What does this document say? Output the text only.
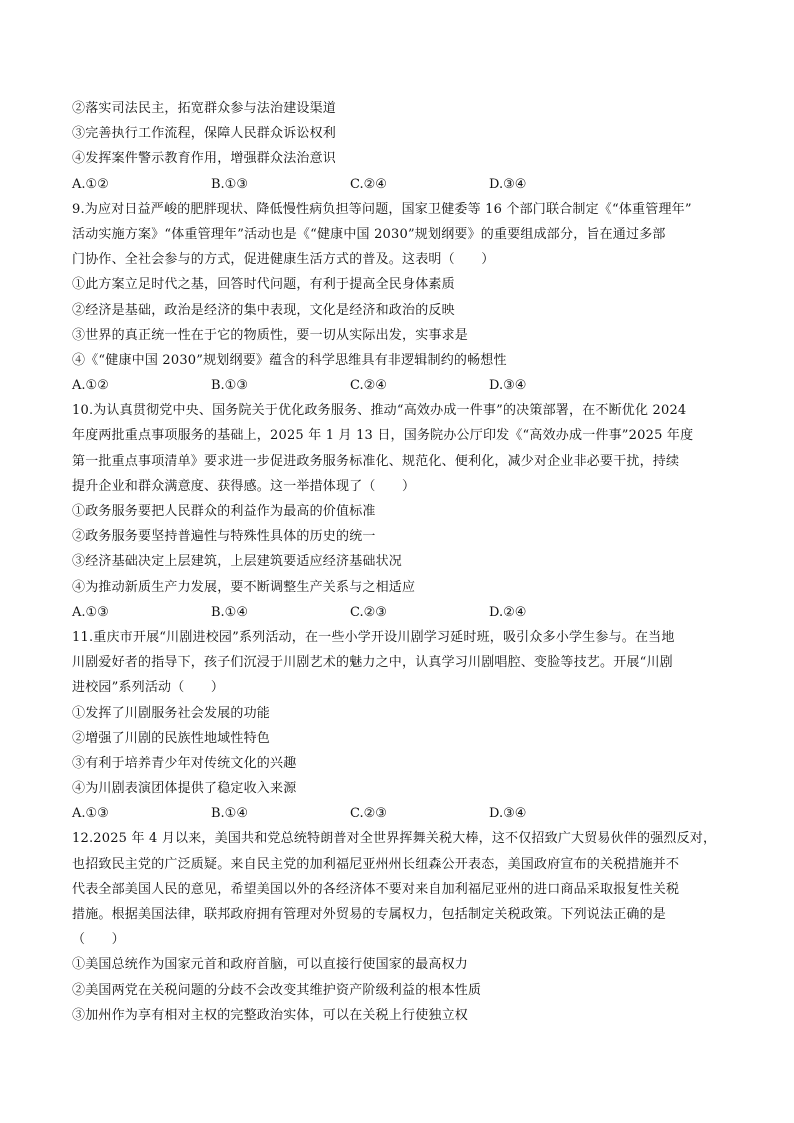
②落实司法民主，拓宽群众参与法治建设渠道
③完善执行工作流程，保障人民群众诉讼权利
④发挥案件警示教育作用，增强群众法治意识
A.①②	B.①③	C.②④	D.③④
9.为应对日益严峻的肥胖现状、降低慢性病负担等问题，国家卫健委等 16 个部门联合制定《“体重管理年”
活动实施方案》“体重管理年”活动也是《“健康中国 2030”规划纲要》的重要组成部分，旨在通过多部
门协作、全社会参与的方式，促进健康生活方式的普及。这表明（　　）
①此方案立足时代之基，回答时代问题，有利于提高全民身体素质
②经济是基础，政治是经济的集中表现，文化是经济和政治的反映
③世界的真正统一性在于它的物质性，要一切从实际出发，实事求是
④《“健康中国 2030”规划纲要》蕴含的科学思维具有非逻辑制约的畅想性
A.①②	B.①③	C.②④	D.③④
10.为认真贯彻党中央、国务院关于优化政务服务、推动“高效办成一件事”的决策部署，在不断优化 2024
年度两批重点事项服务的基础上，2025 年 1 月 13 日，国务院办公厅印发《“高效办成一件事”2025 年度
第一批重点事项清单》要求进一步促进政务服务标准化、规范化、便利化，减少对企业非必要干扰，持续
提升企业和群众满意度、获得感。这一举措体现了（　　）
①政务服务要把人民群众的利益作为最高的价值标准
②政务服务要坚持普遍性与特殊性具体的历史的统一
③经济基础决定上层建筑，上层建筑要适应经济基础状况
④为推动新质生产力发展，要不断调整生产关系与之相适应
A.①③	B.①④	C.②③	D.②④
11.重庆市开展“川剧进校园”系列活动，在一些小学开设川剧学习延时班，吸引众多小学生参与。在当地
川剧爱好者的指导下，孩子们沉浸于川剧艺术的魅力之中，认真学习川剧唱腔、变脸等技艺。开展“川剧
进校园”系列活动（　　）
①发挥了川剧服务社会发展的功能
②增强了川剧的民族性地域性特色
③有利于培养青少年对传统文化的兴趣
④为川剧表演团体提供了稳定收入来源
A.①③	B.①④	C.②③	D.③④
12.2025 年 4 月以来，美国共和党总统特朗普对全世界挥舞关税大棒，这不仅招致广大贸易伙伴的强烈反对，
也招致民主党的广泛质疑。来自民主党的加利福尼亚州州长纽森公开表态，美国政府宣布的关税措施并不
代表全部美国人民的意见，希望美国以外的各经济体不要对来自加利福尼亚州的进口商品采取报复性关税
措施。根据美国法律，联邦政府拥有管理对外贸易的专属权力，包括制定关税政策。下列说法正确的是
（　　）
①美国总统作为国家元首和政府首脑，可以直接行使国家的最高权力
②美国两党在关税问题的分歧不会改变其维护资产阶级利益的根本性质
③加州作为享有相对主权的完整政治实体，可以在关税上行使独立权
